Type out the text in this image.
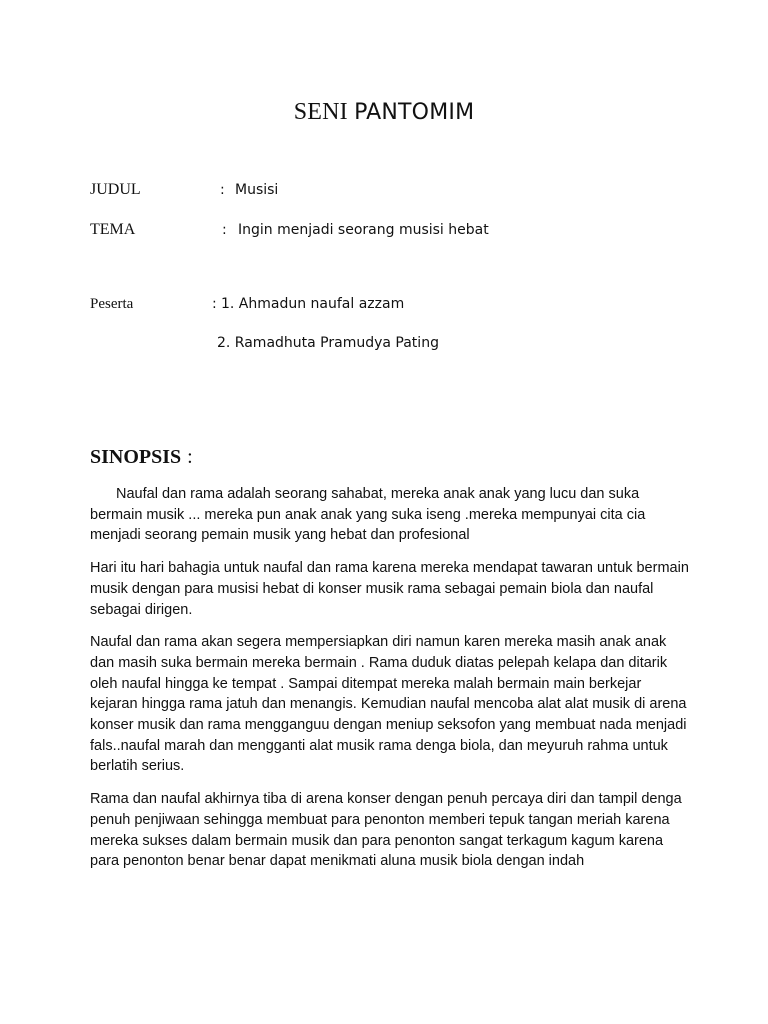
SENI PANTOMIM
JUDUL	: Musisi
TEMA	: Ingin menjadi seorang musisi hebat
Peserta	: 1. Ahmadun naufal azzam
2. Ramadhuta Pramudya Pating
SINOPSIS :

Naufal dan rama adalah seorang sahabat, mereka anak anak yang lucu dan suka bermain musik ... mereka pun anak anak yang suka iseng .mereka mempunyai cita cia menjadi seorang pemain musik yang hebat dan profesional

Hari itu hari bahagia untuk naufal dan rama karena mereka mendapat tawaran untuk bermain musik dengan para musisi hebat di konser musik rama sebagai pemain biola dan naufal sebagai dirigen.

Naufal dan rama akan segera mempersiapkan diri namun karen mereka masih anak anak dan masih suka bermain mereka bermain . Rama duduk diatas pelepah kelapa dan ditarik oleh naufal hingga ke tempat . Sampai ditempat mereka malah bermain main berkejar kejaran hingga rama jatuh dan menangis. Kemudian naufal mencoba alat alat musik di arena konser musik dan rama mengganguu dengan meniup seksofon yang membuat nada menjadi fals..naufal marah dan mengganti alat musik rama denga biola, dan meyuruh rahma untuk berlatih serius.

Rama dan naufal akhirnya tiba di arena konser dengan penuh percaya diri dan tampil denga penuh penjiwaan sehingga membuat para penonton memberi tepuk tangan meriah karena mereka sukses dalam bermain musik dan para penonton sangat terkagum kagum karena para penonton benar benar dapat menikmati aluna musik biola dengan indah
